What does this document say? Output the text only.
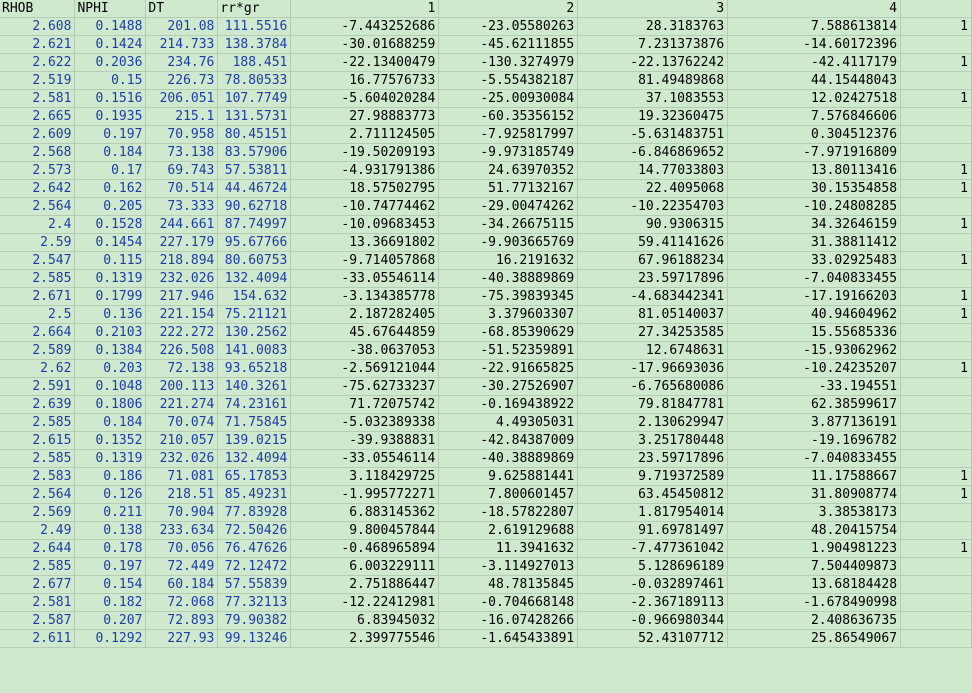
RHOB	NPHI	DT	rr*gr	1	2	3	4	
2.608	0.1488	201.08	111.5516	-7.443252686	-23.05580263	28.3183763	7.588613814	1
2.621	0.1424	214.733	138.3784	-30.01688259	-45.62111855	7.231373876	-14.60172396	
2.622	0.2036	234.76	188.451	-22.13400479	-130.3274979	-22.13762242	-42.4117179	1
2.519	0.15	226.73	78.80533	16.77576733	-5.554382187	81.49489868	44.15448043	
2.581	0.1516	206.051	107.7749	-5.604020284	-25.00930084	37.1083553	12.02427518	1
2.665	0.1935	215.1	131.5731	27.98883773	-60.35356152	19.32360475	7.576846606	
2.609	0.197	70.958	80.45151	2.711124505	-7.925817997	-5.631483751	0.304512376	
2.568	0.184	73.138	83.57906	-19.50209193	-9.973185749	-6.846869652	-7.971916809	
2.573	0.17	69.743	57.53811	-4.931791386	24.63970352	14.77033803	13.80113416	1
2.642	0.162	70.514	44.46724	18.57502795	51.77132167	22.4095068	30.15354858	1
2.564	0.205	73.333	90.62718	-10.74774462	-29.00474262	-10.22354703	-10.24808285	
2.4	0.1528	244.661	87.74997	-10.09683453	-34.26675115	90.9306315	34.32646159	1
2.59	0.1454	227.179	95.67766	13.36691802	-9.903665769	59.41141626	31.38811412	
2.547	0.115	218.894	80.60753	-9.714057868	16.2191632	67.96188234	33.02925483	1
2.585	0.1319	232.026	132.4094	-33.05546114	-40.38889869	23.59717896	-7.040833455	
2.671	0.1799	217.946	154.632	-3.134385778	-75.39839345	-4.683442341	-17.19166203	1
2.5	0.136	221.154	75.21121	2.187282405	3.379603307	81.05140037	40.94604962	1
2.664	0.2103	222.272	130.2562	45.67644859	-68.85390629	27.34253585	15.55685336	
2.589	0.1384	226.508	141.0083	-38.0637053	-51.52359891	12.6748631	-15.93062962	
2.62	0.203	72.138	93.65218	-2.569121044	-22.91665825	-17.96693036	-10.24235207	1
2.591	0.1048	200.113	140.3261	-75.62733237	-30.27526907	-6.765680086	-33.194551	
2.639	0.1806	221.274	74.23161	71.72075742	-0.169438922	79.81847781	62.38599617	
2.585	0.184	70.074	71.75845	-5.032389338	4.49305031	2.130629947	3.877136191	
2.615	0.1352	210.057	139.0215	-39.9388831	-42.84387009	3.251780448	-19.1696782	
2.585	0.1319	232.026	132.4094	-33.05546114	-40.38889869	23.59717896	-7.040833455	
2.583	0.186	71.081	65.17853	3.118429725	9.625881441	9.719372589	11.17588667	1
2.564	0.126	218.51	85.49231	-1.995772271	7.800601457	63.45450812	31.80908774	1
2.569	0.211	70.904	77.83928	6.883145362	-18.57822807	1.817954014	3.38538173	
2.49	0.138	233.634	72.50426	9.800457844	2.619129688	91.69781497	48.20415754	
2.644	0.178	70.056	76.47626	-0.468965894	11.3941632	-7.477361042	1.904981223	1
2.585	0.197	72.449	72.12472	6.003229111	-3.114927013	5.128696189	7.504409873	
2.677	0.154	60.184	57.55839	2.751886447	48.78135845	-0.032897461	13.68184428	
2.581	0.182	72.068	77.32113	-12.22412981	-0.704668148	-2.367189113	-1.678490998	
2.587	0.207	72.893	79.90382	6.83945032	-16.07428266	-0.966980344	2.408636735	
2.611	0.1292	227.93	99.13246	2.399775546	-1.645433891	52.43107712	25.86549067	
